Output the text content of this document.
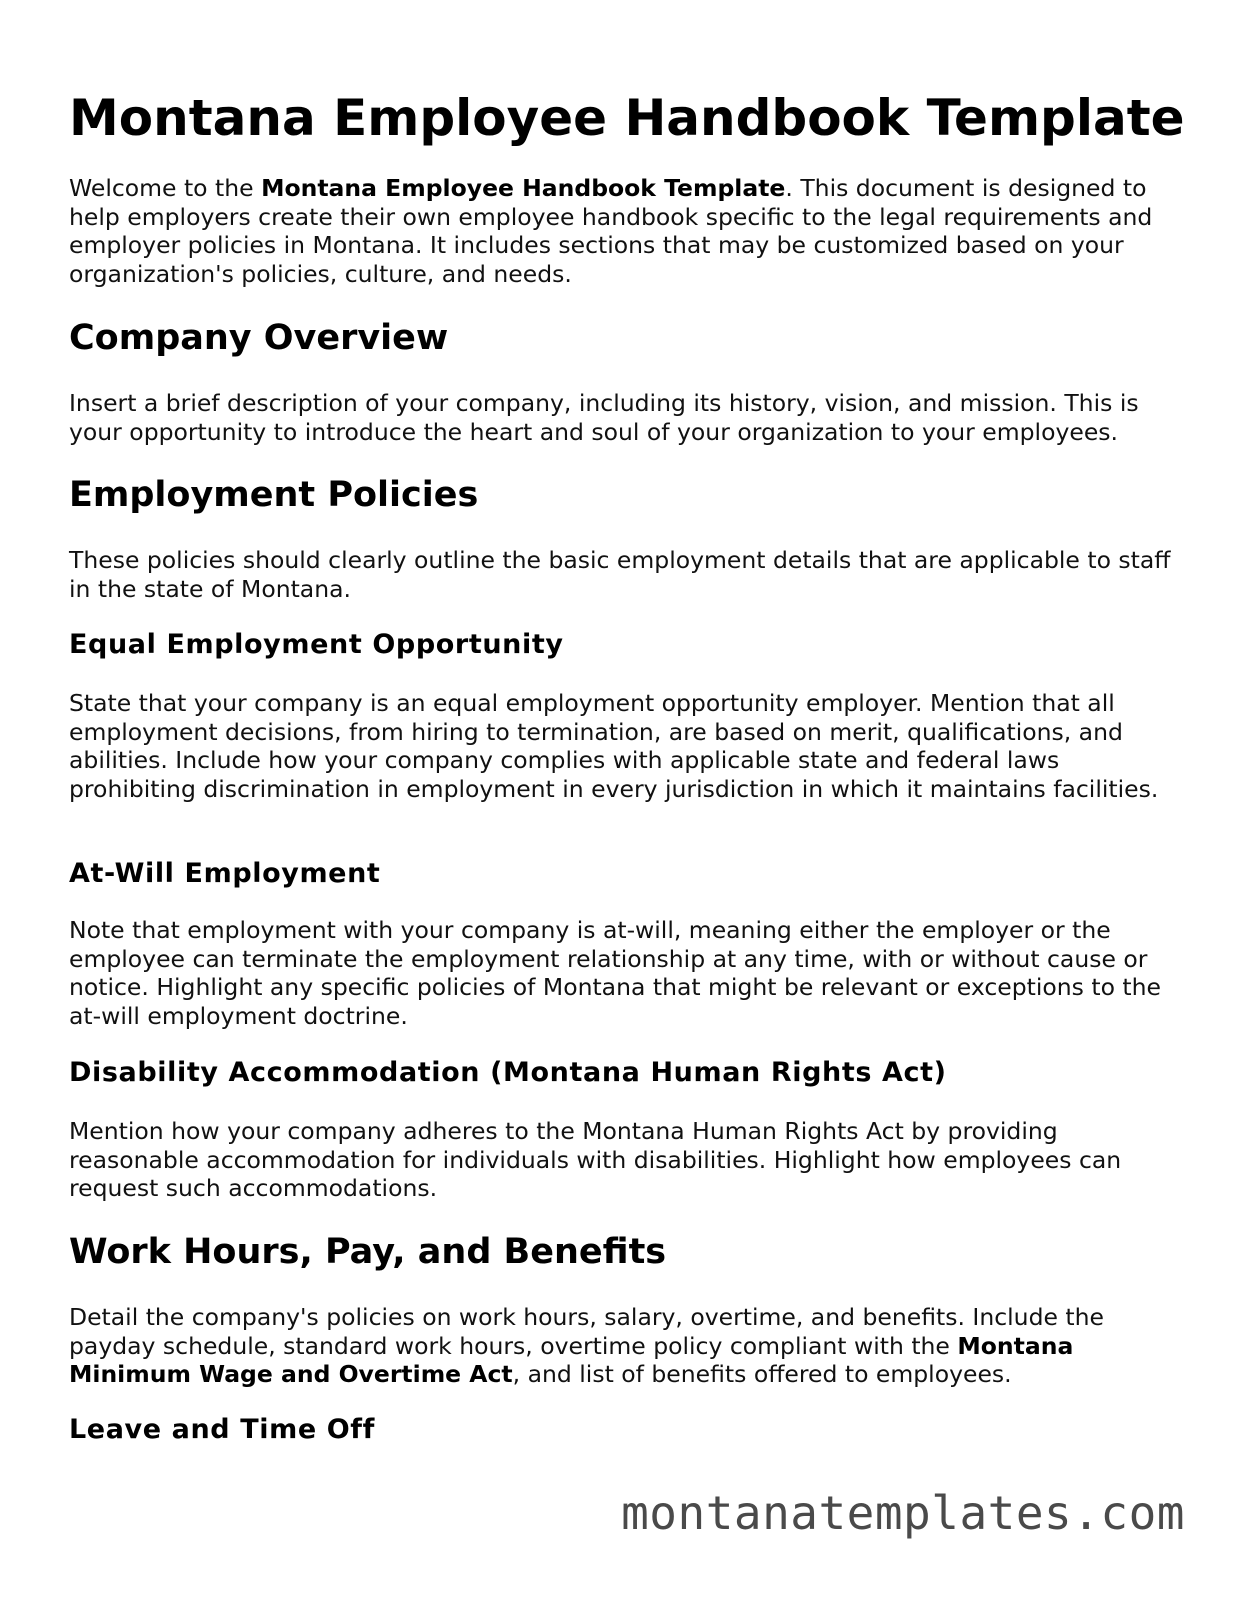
Montana Employee Handbook Template

Welcome to the Montana Employee Handbook Template. This document is designed to help employers create their own employee handbook specific to the legal requirements and employer policies in Montana. It includes sections that may be customized based on your organization's policies, culture, and needs.

Company Overview

Insert a brief description of your company, including its history, vision, and mission. This is your opportunity to introduce the heart and soul of your organization to your employees.

Employment Policies

These policies should clearly outline the basic employment details that are applicable to staff in the state of Montana.

Equal Employment Opportunity

State that your company is an equal employment opportunity employer. Mention that all employment decisions, from hiring to termination, are based on merit, qualifications, and abilities. Include how your company complies with applicable state and federal laws prohibiting discrimination in employment in every jurisdiction in which it maintains facilities.

At-Will Employment

Note that employment with your company is at-will, meaning either the employer or the employee can terminate the employment relationship at any time, with or without cause or notice. Highlight any specific policies of Montana that might be relevant or exceptions to the at-will employment doctrine.

Disability Accommodation (Montana Human Rights Act)

Mention how your company adheres to the Montana Human Rights Act by providing reasonable accommodation for individuals with disabilities. Highlight how employees can request such accommodations.

Work Hours, Pay, and Benefits

Detail the company's policies on work hours, salary, overtime, and benefits. Include the payday schedule, standard work hours, overtime policy compliant with the Montana Minimum Wage and Overtime Act, and list of benefits offered to employees.

Leave and Time Off
montanatemplates.com
